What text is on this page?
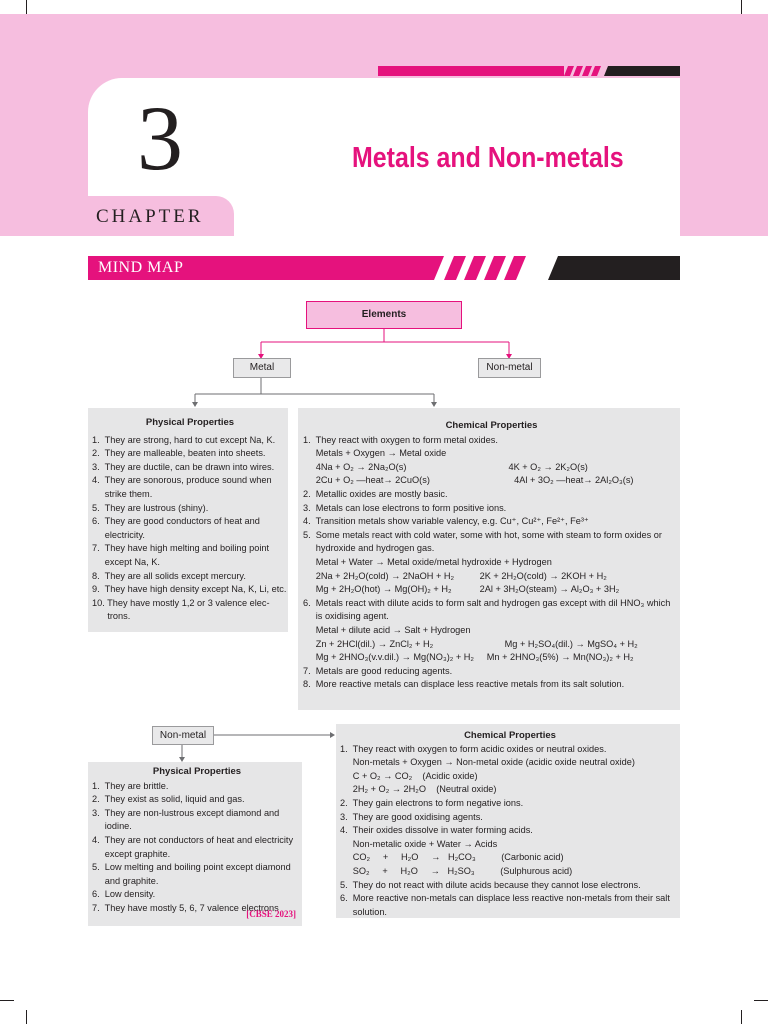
3
CHAPTER
Metals and Non-metals
MIND MAP
Elements
Metal	Non-metal
Non-metal
Physical Properties

1.  They are strong, hard to cut except Na, K.

2.  They are malleable, beaten into sheets.

3.  They are ductile, can be drawn into wires.

4.  They are sonorous, produce sound when

strike them.

5.  They are lustrous (shiny).

6.  They are good conductors of heat and

electricity.

7.  They have high melting and boiling point

except Na, K.

8.  They are all solids except mercury.

9.  They have high density except Na, K, Li, etc.

10. They have mostly 1,2 or 3 valence elec-

trons.

Chemical Properties

1.  They react with oxygen to form metal oxides.

Metals + Oxygen → Metal oxide

4Na + O₂ → 2Na₂O(s)                                        4K + O₂ → 2K₂O(s)

2Cu + O₂ —heat→ 2CuO(s)                                 4Al + 3O₂ —heat→ 2Al₂O₃(s)

2.  Metallic oxides are mostly basic.

3.  Metals can lose electrons to form positive ions.

4.  Transition metals show variable valency, e.g. Cu⁺, Cu²⁺, Fe²⁺, Fe³⁺

5.  Some metals react with cold water, some with hot, some with steam to form oxides or

hydroxide and hydrogen gas.

Metal + Water → Metal oxide/metal hydroxide + Hydrogen

2Na + 2H₂O(cold) → 2NaOH + H₂          2K + 2H₂O(cold) → 2KOH + H₂

Mg + 2H₂O(hot) → Mg(OH)₂ + H₂           2Al + 3H₂O(steam) → Al₂O₃ + 3H₂

6.  Metals react with dilute acids to form salt and hydrogen gas except with dil HNO₃ which

is oxidising agent.

Metal + dilute acid → Salt + Hydrogen

Zn + 2HCl(dil.) → ZnCl₂ + H₂                            Mg + H₂SO₄(dil.) → MgSO₄ + H₂

Mg + 2HNO₃(v.v.dil.) → Mg(NO₃)₂ + H₂     Mn + 2HNO₃(5%) → Mn(NO₃)₂ + H₂

7.  Metals are good reducing agents.

8.  More reactive metals can displace less reactive metals from its salt solution.

Physical Properties

1.  They are brittle.

2.  They exist as solid, liquid and gas.

3.  They are non-lustrous except diamond and

iodine.

4.  They are not conductors of heat and electricity

except graphite.

5.  Low melting and boiling point except diamond

and graphite.

6.  Low density.

7.  They have mostly 5, 6, 7 valence electrons

[CBSE 2023]
Chemical Properties

1.  They react with oxygen to form acidic oxides or neutral oxides.

Non-metals + Oxygen → Non-metal oxide (acidic oxide neutral oxide)

C + O₂ → CO₂    (Acidic oxide)

2H₂ + O₂ → 2H₂O    (Neutral oxide)

2.  They gain electrons to form negative ions.

3.  They are good oxidising agents.

4.  Their oxides dissolve in water forming acids.

Non-metalic oxide + Water → Acids

CO₂     +     H₂O     →   H₂CO₃          (Carbonic acid)

SO₂     +     H₂O     →   H₂SO₃          (Sulphurous acid)

5.  They do not react with dilute acids because they cannot lose electrons.

6.  More reactive non-metals can displace less reactive non-metals from their salt

solution.
